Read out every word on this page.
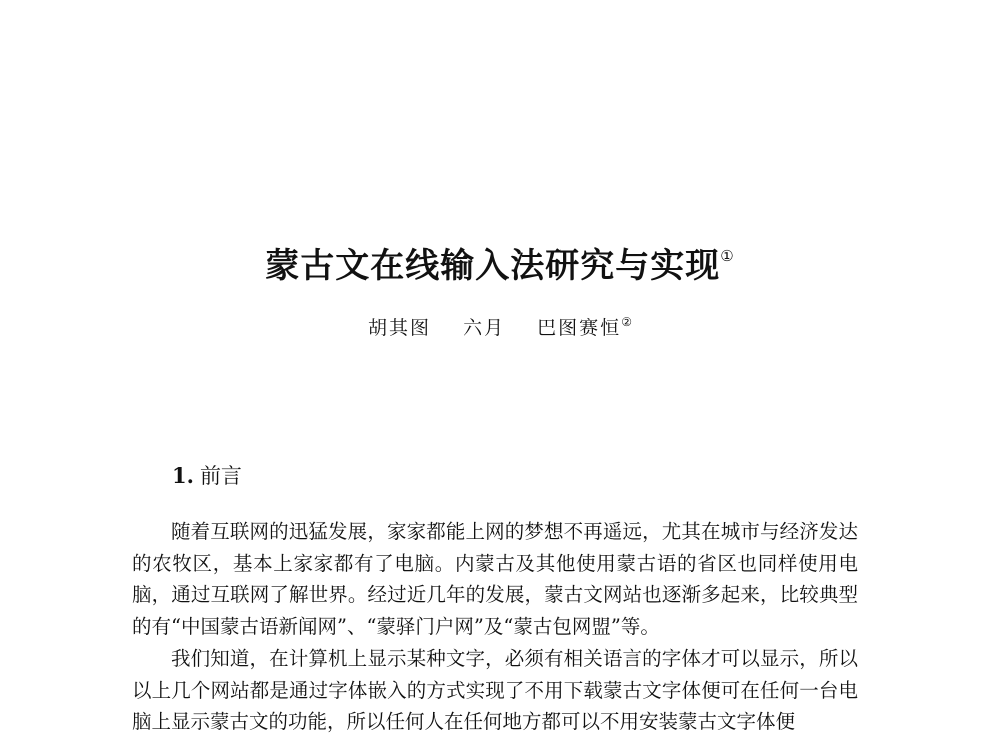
蒙古文在线输入法研究与实现①
胡其图 六月 巴图赛恒②
1. 前言

随着互联网的迅猛发展，家家都能上网的梦想不再遥远，尤其在城市与经济发达的农牧区，基本上家家都有了电脑。内蒙古及其他使用蒙古语的省区也同样使用电脑，通过互联网了解世界。经过近几年的发展，蒙古文网站也逐渐多起来，比较典型的有“中国蒙古语新闻网”、“蒙驿门户网”及“蒙古包网盟”等。

我们知道，在计算机上显示某种文字，必须有相关语言的字体才可以显示，所以以上几个网站都是通过字体嵌入的方式实现了不用下载蒙古文字体便可在任何一台电脑上显示蒙古文的功能，所以任何人在任何地方都可以不用安装蒙古文字体便
